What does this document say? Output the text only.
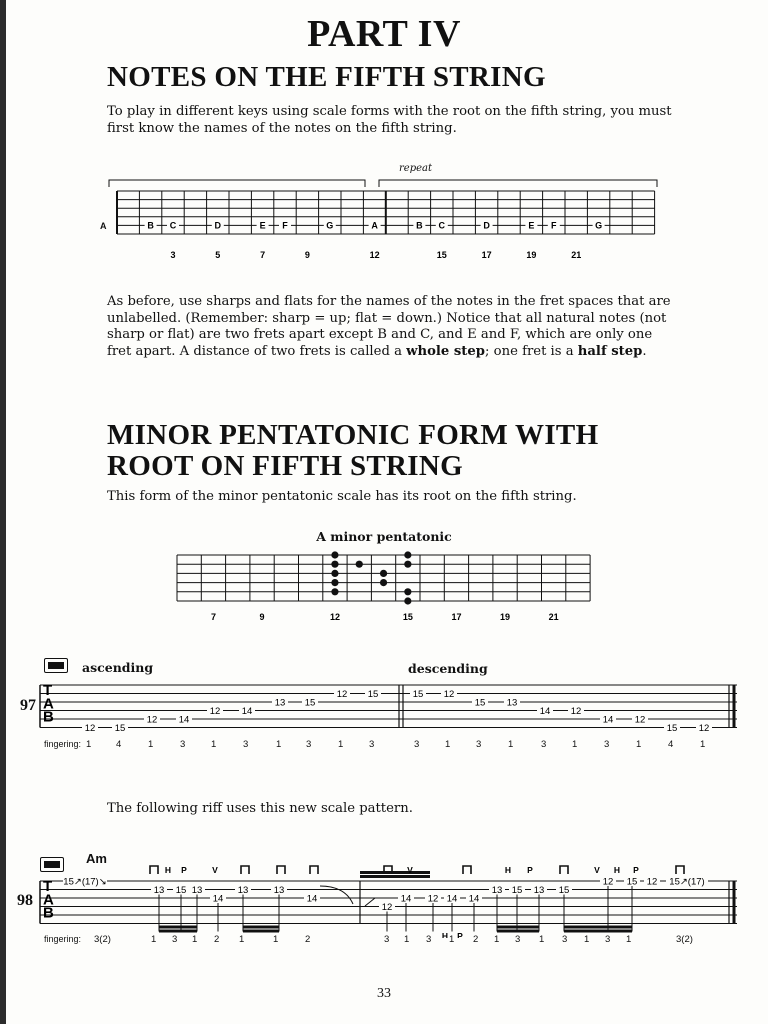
PART IV
NOTES ON THE FIFTH STRING
To play in different keys using scale forms with the root on the fifth string, you must first know the names of the notes on the fifth string.
repeat
A	B C	D	E F	G	A	B C	D	E F	G
3	5	7	9	12	15	17	19	21
As before, use sharps and flats for the names of the notes in the fret spaces that are unlabelled. (Remember: sharp = up; flat = down.) Notice that all natural notes (not sharp or flat) are two frets apart except B and C, and E and F, which are only one fret apart. A distance of two frets is called a whole step; one fret is a half step.
MINOR PENTATONIC FORM WITH
ROOT ON FIFTH STRING
This form of the minor pentatonic scale has its root on the fifth string.
A minor pentatonic
7	9	12	15	17	19	21
ascending	descending
97
T
A
B
12 15
12 14
12 14
13 15
12 15	15 12
15 13
14 12
14 12
15 12
fingering: 1	4	1	3	1	3	1	3	1	3	3	1	3	1	3	1	3	1	4	1
The following riff uses this new scale pattern.
Am
98
T
A
B
15↗(17)↘
13 15 13
14
13	13
14
12
14 12 14 14
13 15 13 15
12 15 12 15↗(17)
H P	V	V	H P	V H P
H P
fingering: 3(2)	1 3 1 2 1	1	2	3 1 3 1 2 1 3 1 3 1 3 1	3(2)
33
